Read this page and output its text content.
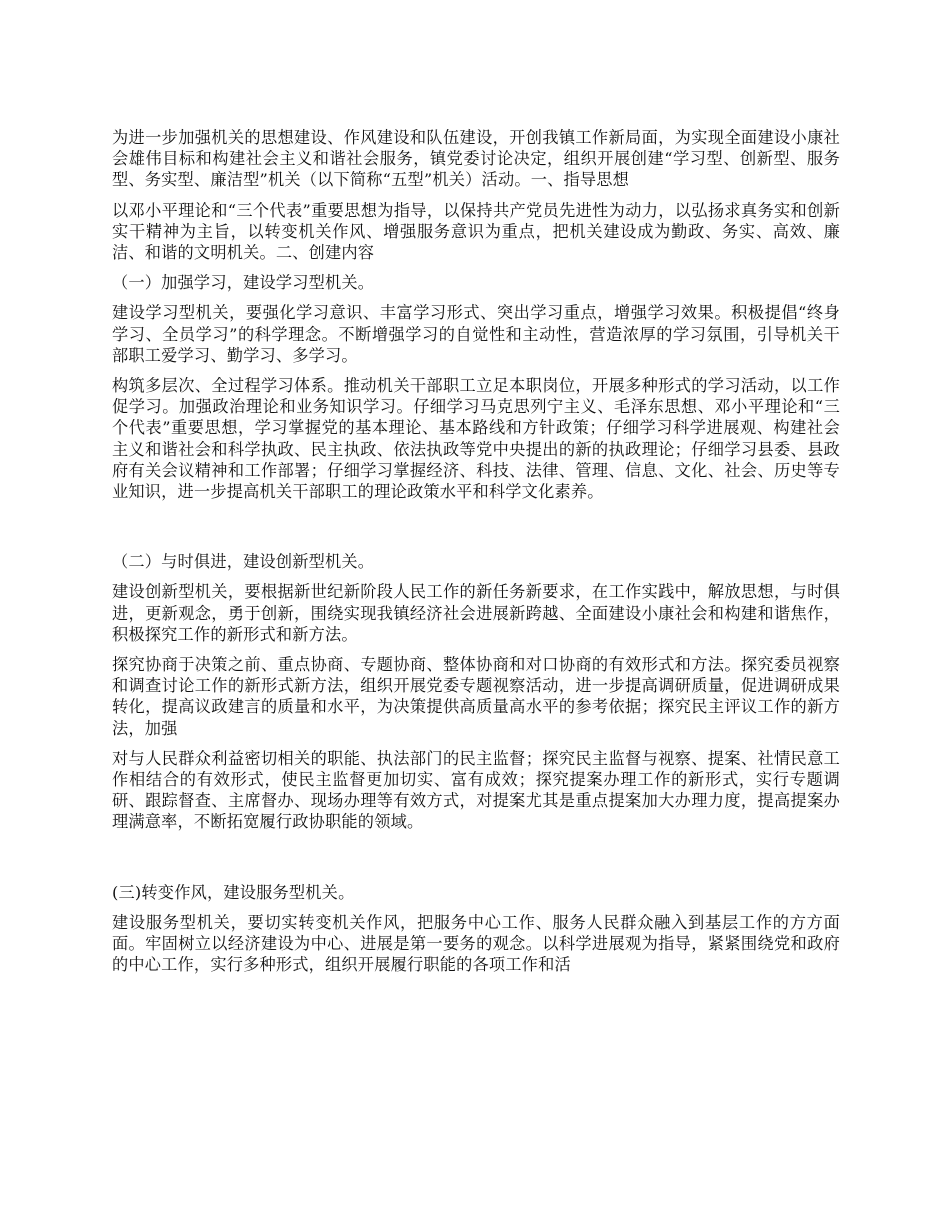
为进一步加强机关的思想建设、作风建设和队伍建设，开创我镇工作新局面，为实现全面建设小康社会雄伟目标和构建社会主义和谐社会服务，镇党委讨论决定，组织开展创建“学习型、创新型、服务型、务实型、廉洁型”机关（以下简称“五型”机关）活动。一、指导思想

以邓小平理论和“三个代表”重要思想为指导，以保持共产党员先进性为动力，以弘扬求真务实和创新实干精神为主旨，以转变机关作风、增强服务意识为重点，把机关建设成为勤政、务实、高效、廉洁、和谐的文明机关。二、创建内容

（一）加强学习，建设学习型机关。

建设学习型机关，要强化学习意识、丰富学习形式、突出学习重点，增强学习效果。积极提倡“终身学习、全员学习”的科学理念。不断增强学习的自觉性和主动性，营造浓厚的学习氛围，引导机关干部职工爱学习、勤学习、多学习。

构筑多层次、全过程学习体系。推动机关干部职工立足本职岗位，开展多种形式的学习活动，以工作促学习。加强政治理论和业务知识学习。仔细学习马克思列宁主义、毛泽东思想、邓小平理论和“三个代表”重要思想，学习掌握党的基本理论、基本路线和方针政策；仔细学习科学进展观、构建社会主义和谐社会和科学执政、民主执政、依法执政等党中央提出的新的执政理论；仔细学习县委、县政府有关会议精神和工作部署；仔细学习掌握经济、科技、法律、管理、信息、文化、社会、历史等专业知识，进一步提高机关干部职工的理论政策水平和科学文化素养。

（二）与时俱进，建设创新型机关。

建设创新型机关，要根据新世纪新阶段人民工作的新任务新要求，在工作实践中，解放思想，与时俱进，更新观念，勇于创新，围绕实现我镇经济社会进展新跨越、全面建设小康社会和构建和谐焦作，积极探究工作的新形式和新方法。

探究协商于决策之前、重点协商、专题协商、整体协商和对口协商的有效形式和方法。探究委员视察和调查讨论工作的新形式新方法，组织开展党委专题视察活动，进一步提高调研质量，促进调研成果转化，提高议政建言的质量和水平，为决策提供高质量高水平的参考依据；探究民主评议工作的新方法，加强

对与人民群众利益密切相关的职能、执法部门的民主监督；探究民主监督与视察、提案、社情民意工作相结合的有效形式，使民主监督更加切实、富有成效；探究提案办理工作的新形式，实行专题调研、跟踪督查、主席督办、现场办理等有效方式，对提案尤其是重点提案加大办理力度，提高提案办理满意率，不断拓宽履行政协职能的领域。

(三)转变作风，建设服务型机关。

建设服务型机关，要切实转变机关作风，把服务中心工作、服务人民群众融入到基层工作的方方面面。牢固树立以经济建设为中心、进展是第一要务的观念。以科学进展观为指导，紧紧围绕党和政府的中心工作，实行多种形式，组织开展履行职能的各项工作和活
